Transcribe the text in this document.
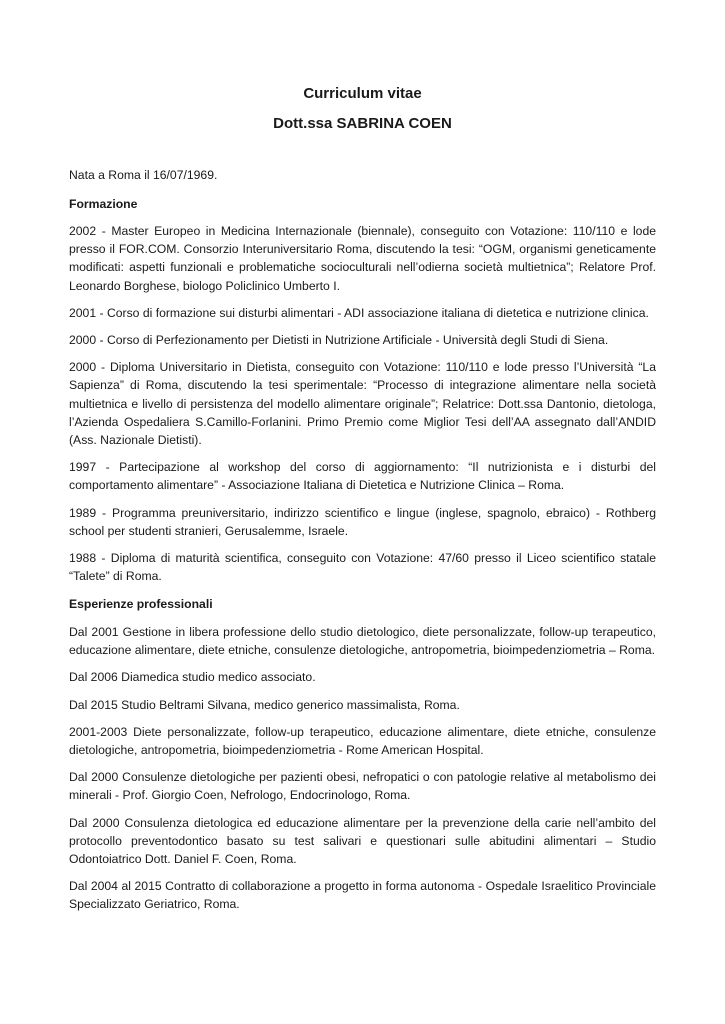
Curriculum vitae
Dott.ssa SABRINA COEN

Nata a Roma il 16/07/1969.

Formazione

2002 - Master Europeo in Medicina Internazionale (biennale), conseguito con Votazione: 110/110 e lode presso il FOR.COM. Consorzio Interuniversitario Roma, discutendo la tesi: “OGM, organismi geneticamente modificati: aspetti funzionali e problematiche socioculturali nell’odierna società multietnica”; Relatore Prof. Leonardo Borghese, biologo Policlinico Umberto I.

2001 - Corso di formazione sui disturbi alimentari - ADI associazione italiana di dietetica e nutrizione clinica.

2000 - Corso di Perfezionamento per Dietisti in Nutrizione Artificiale - Università degli Studi di Siena.

2000 - Diploma Universitario in Dietista, conseguito con Votazione: 110/110 e lode presso l’Università “La Sapienza” di Roma, discutendo la tesi sperimentale: “Processo di integrazione alimentare nella società multietnica e livello di persistenza del modello alimentare originale”; Relatrice: Dott.ssa Dantonio, dietologa, l’Azienda Ospedaliera S.Camillo-Forlanini. Primo Premio come Miglior Tesi dell’AA assegnato dall’ANDID (Ass. Nazionale Dietisti).

1997 - Partecipazione al workshop del corso di aggiornamento: “Il nutrizionista e i disturbi del comportamento alimentare” - Associazione Italiana di Dietetica e Nutrizione Clinica – Roma.

1989 - Programma preuniversitario, indirizzo scientifico e lingue (inglese, spagnolo, ebraico) - Rothberg school per studenti stranieri, Gerusalemme, Israele.

1988 - Diploma di maturità scientifica, conseguito con Votazione: 47/60 presso il Liceo scientifico statale “Talete” di Roma.

Esperienze professionali

Dal 2001 Gestione in libera professione dello studio dietologico, diete personalizzate, follow-up terapeutico, educazione alimentare, diete etniche, consulenze dietologiche, antropometria, bioimpedenziometria – Roma.

Dal 2006 Diamedica studio medico associato.

Dal 2015 Studio Beltrami Silvana, medico generico massimalista, Roma.

2001-2003 Diete personalizzate, follow-up terapeutico, educazione alimentare, diete etniche, consulenze dietologiche, antropometria, bioimpedenziometria - Rome American Hospital.

Dal 2000 Consulenze dietologiche per pazienti obesi, nefropatici o con patologie relative al metabolismo dei minerali - Prof. Giorgio Coen, Nefrologo, Endocrinologo, Roma.

Dal 2000 Consulenza dietologica ed educazione alimentare per la prevenzione della carie nell’ambito del protocollo preventodontico basato su test salivari e questionari sulle abitudini alimentari – Studio Odontoiatrico Dott. Daniel F. Coen, Roma.

Dal 2004 al 2015 Contratto di collaborazione a progetto in forma autonoma - Ospedale Israelitico Provinciale Specializzato Geriatrico, Roma.
